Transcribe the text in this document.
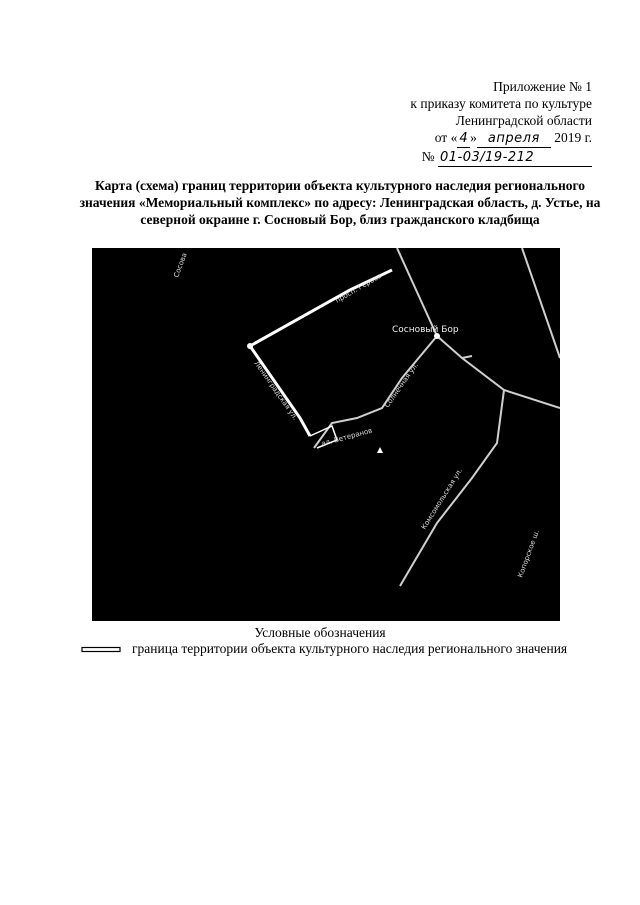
Приложение № 1
к приказу комитета по культуре
Ленинградской области
от « 4 » апреля 2019 г.
№ 01-03/19-212
Карта (схема) границ территории объекта культурного наследия регионального значения «Мемориальный комплекс» по адресу: Ленинградская область, д. Устье, на северной окраине г. Сосновый Бор, близ гражданского кладбища
Сосновый Бор
Ленинградская ул.	Солнечная ул.
просп. Героев
ал. Ветеранов
Комсомольская ул.
Копорское ш.
Сосова
Условные обозначения
граница территории объекта культурного наследия регионального значения
